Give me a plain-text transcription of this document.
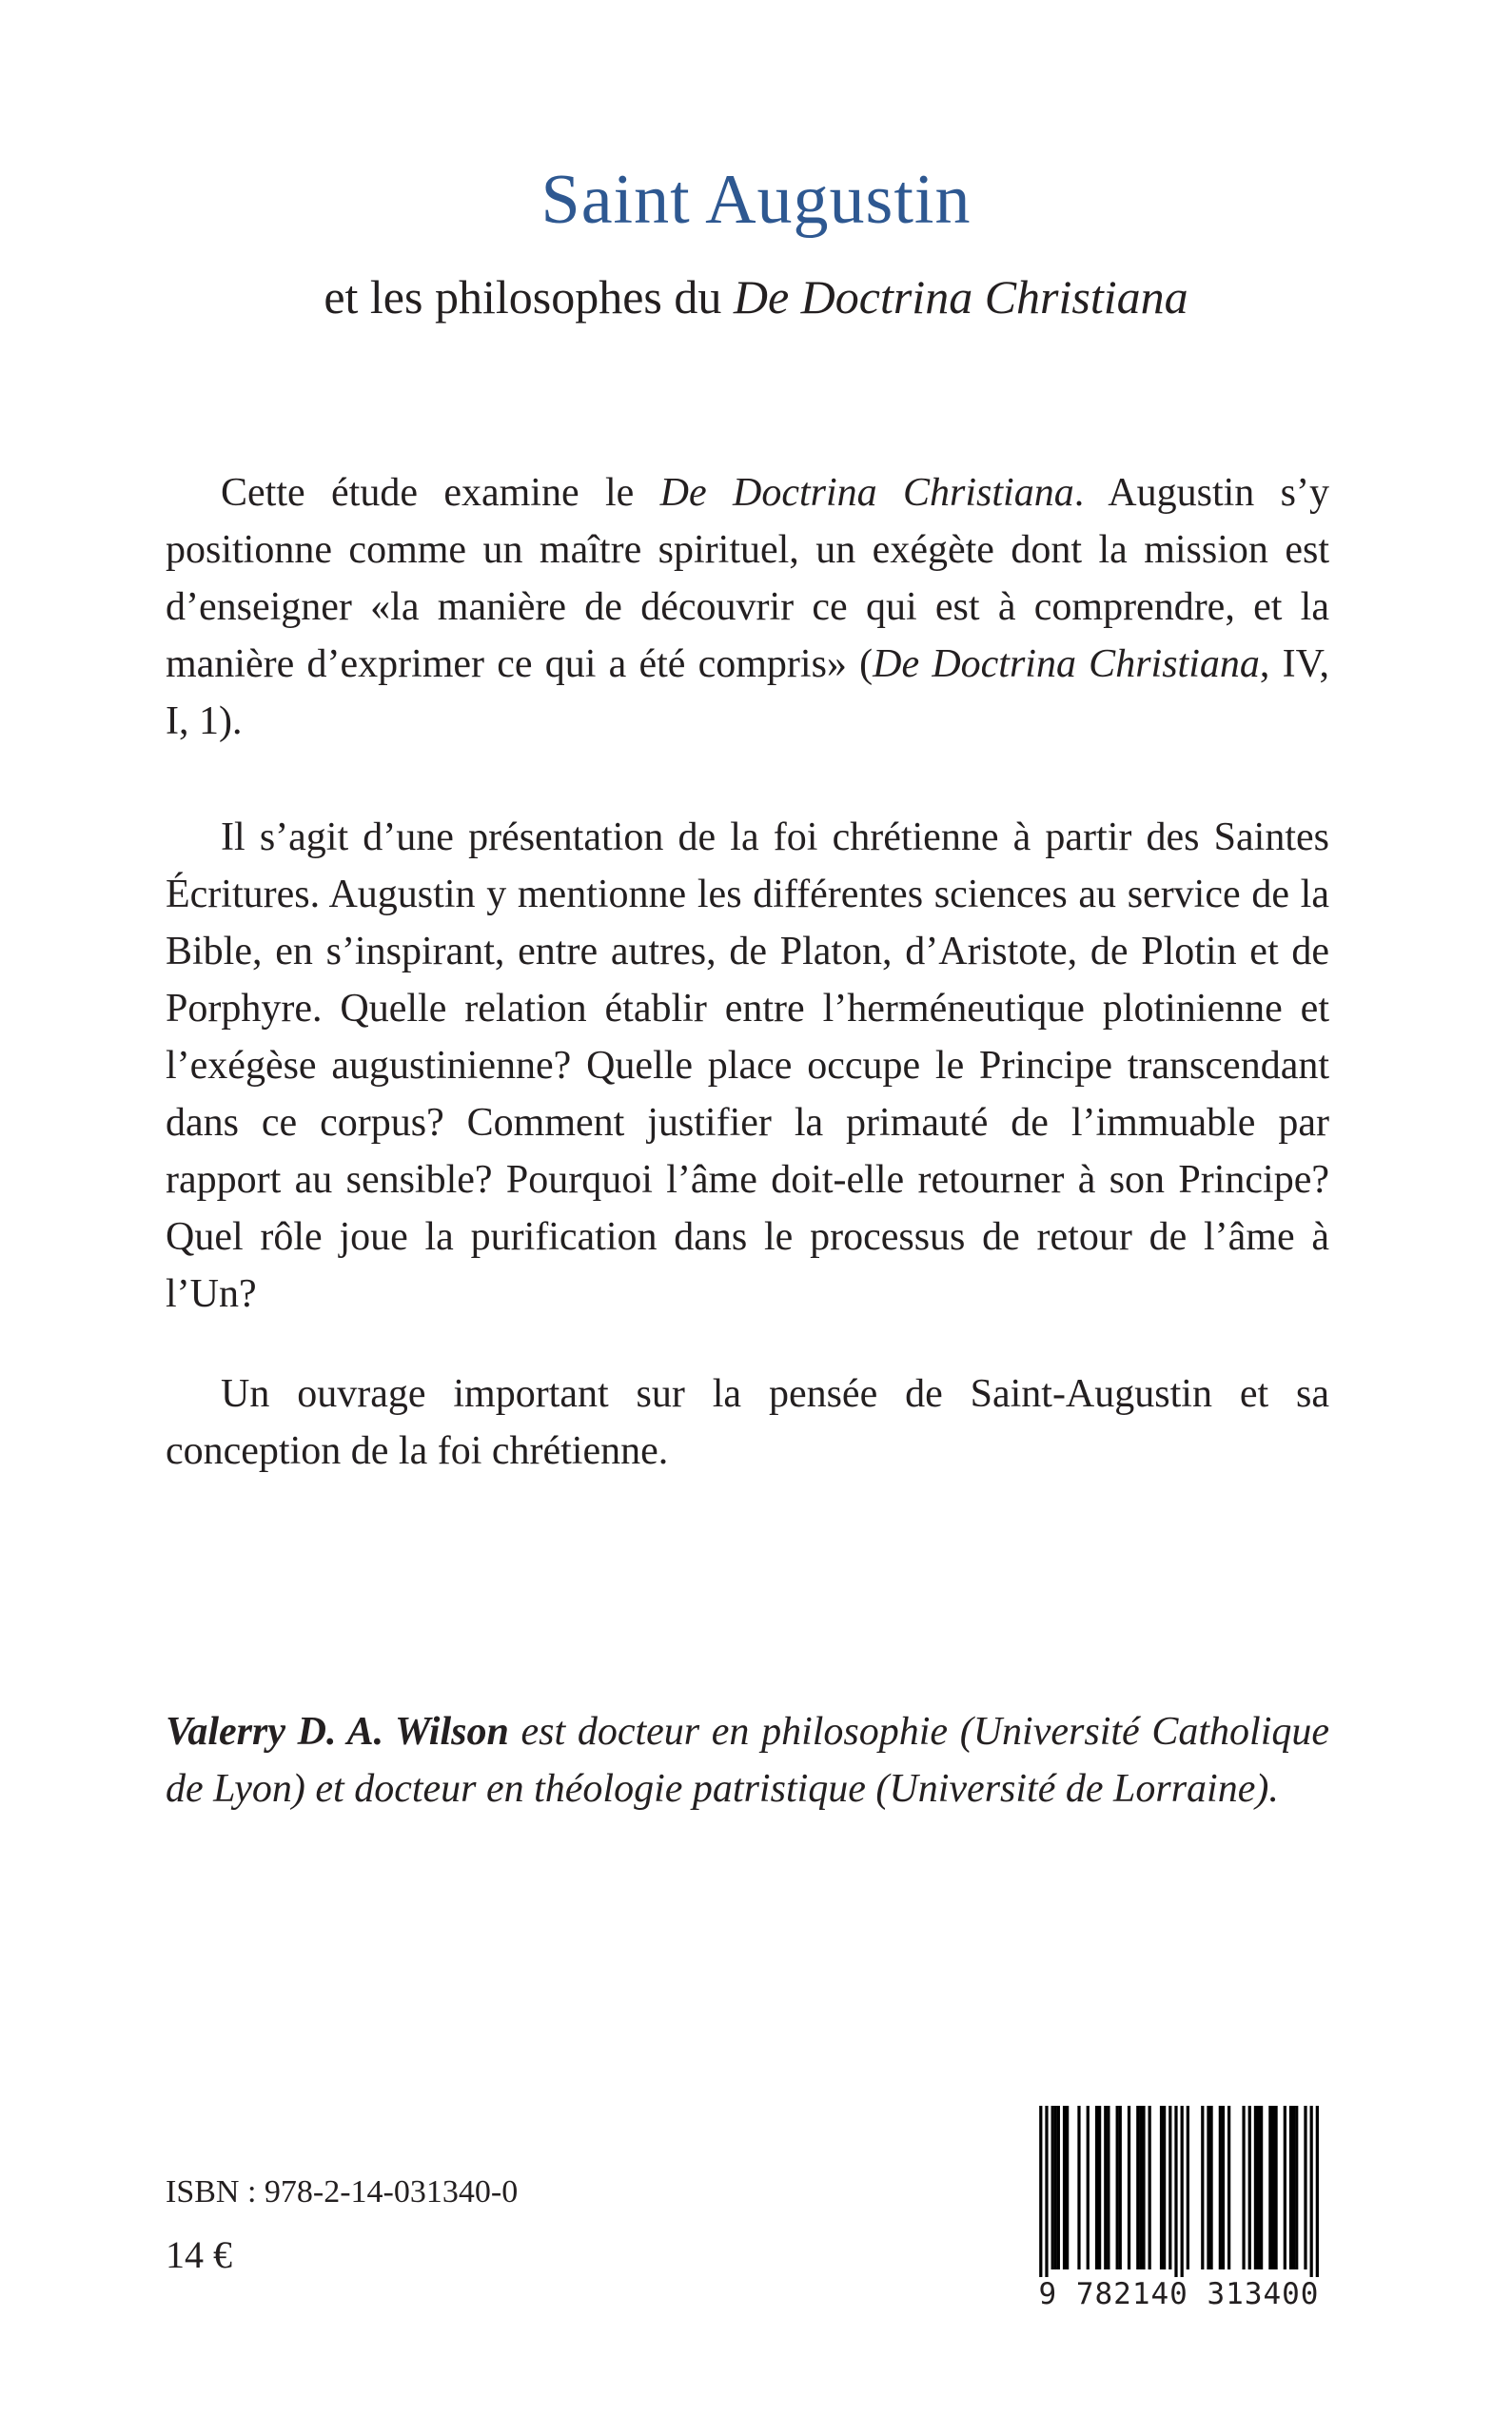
Saint Augustin

et les philosophes du De Doctrina Christiana

Cette étude examine le De Doctrina Christiana. Augustin s’y positionne comme un maître spirituel, un exégète dont la mission est d’enseigner «la manière de découvrir ce qui est à comprendre, et la manière d’exprimer ce qui a été compris» (De Doctrina Christiana, IV, I, 1).

Il s’agit d’une présentation de la foi chrétienne à partir des Saintes Écritures. Augustin y mentionne les différentes sciences au service de la Bible, en s’inspirant, entre autres, de Platon, d’Aristote, de Plotin et de Porphyre. Quelle relation établir entre l’herméneutique plotinienne et l’exégèse augustinienne? Quelle place occupe le Principe transcendant dans ce corpus? Comment justifier la primauté de l’immuable par rapport au sensible? Pourquoi l’âme doit-elle retourner à son Principe? Quel rôle joue la purification dans le processus de retour de l’âme à l’Un?

Un ouvrage important sur la pensée de Saint-Augustin et sa conception de la foi chrétienne.

Valerry D. A. Wilson est docteur en philosophie (Université Catholique de Lyon) et docteur en théologie patristique (Université de Lorraine).

ISBN : 978-2-14-031340-0

14 €

9 782140 313400
